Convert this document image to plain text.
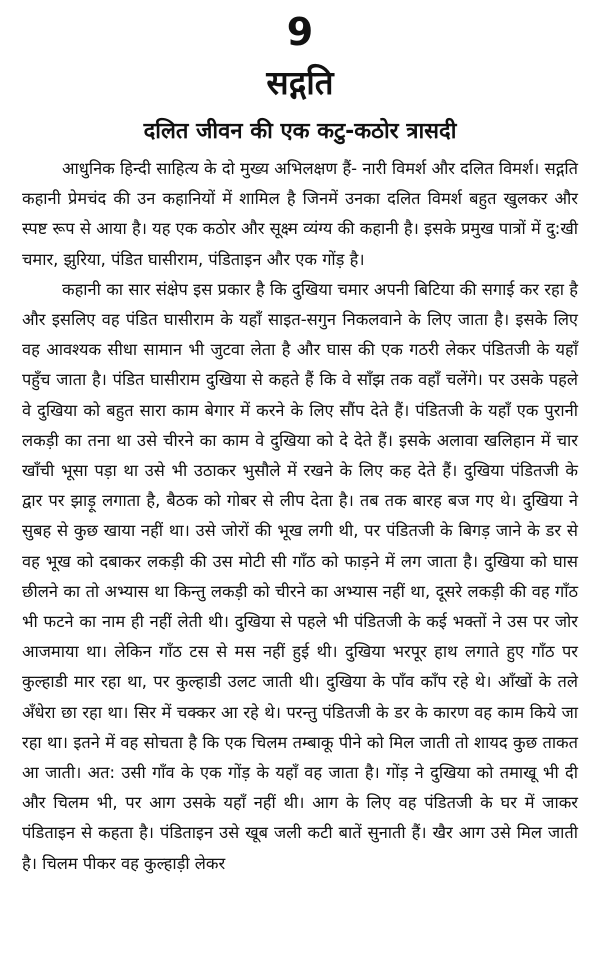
9
सद्गति
दलित जीवन की एक कटु-कठोर त्रासदी

आधुनिक हिन्दी साहित्य के दो मुख्य अभिलक्षण हैं- नारी विमर्श और दलित विमर्श। सद्गति कहानी प्रेमचंद की उन कहानियों में शामिल है जिनमें उनका दलित विमर्श बहुत खुलकर और स्पष्ट रूप से आया है। यह एक कठोर और सूक्ष्म व्यंग्य की कहानी है। इसके प्रमुख पात्रों में दु:खी चमार, झुरिया, पंडित घासीराम, पंडिताइन और एक गोंड़ है।

कहानी का सार संक्षेप इस प्रकार है कि दुखिया चमार अपनी बिटिया की सगाई कर रहा है और इसलिए वह पंडित घासीराम के यहाँ साइत-सगुन निकलवाने के लिए जाता है। इसके लिए वह आवश्यक सीधा सामान भी जुटवा लेता है और घास की एक गठरी लेकर पंडितजी के यहाँ पहुँच जाता है। पंडित घासीराम दुखिया से कहते हैं कि वे साँझ तक वहाँ चलेंगे। पर उसके पहले वे दुखिया को बहुत सारा काम बेगार में करने के लिए सौंप देते हैं। पंडितजी के यहाँ एक पुरानी लकड़ी का तना था उसे चीरने का काम वे दुखिया को दे देते हैं। इसके अलावा खलिहान में चार खाँची भूसा पड़ा था उसे भी उठाकर भुसौले में रखने के लिए कह देते हैं। दुखिया पंडितजी के द्वार पर झाड़ू लगाता है, बैठक को गोबर से लीप देता है। तब तक बारह बज गए थे। दुखिया ने सुबह से कुछ खाया नहीं था। उसे जोरों की भूख लगी थी, पर पंडितजी के बिगड़ जाने के डर से वह भूख को दबाकर लकड़ी की उस मोटी सी गाँठ को फाड़ने में लग जाता है। दुखिया को घास छीलने का तो अभ्यास था किन्तु लकड़ी को चीरने का अभ्यास नहीं था, दूसरे लकड़ी की वह गाँठ भी फटने का नाम ही नहीं लेती थी। दुखिया से पहले भी पंडितजी के कई भक्तों ने उस पर जोर आजमाया था। लेकिन गाँठ टस से मस नहीं हुई थी। दुखिया भरपूर हाथ लगाते हुए गाँठ पर कुल्हाडी मार रहा था, पर कुल्हाडी उलट जाती थी। दुखिया के पाँव काँप रहे थे। आँखों के तले अँधेरा छा रहा था। सिर में चक्कर आ रहे थे। परन्तु पंडितजी के डर के कारण वह काम किये जा रहा था। इतने में वह सोचता है कि एक चिलम तम्बाकू पीने को मिल जाती तो शायद कुछ ताकत आ जाती। अत: उसी गाँव के एक गोंड़ के यहाँ वह जाता है। गोंड़ ने दुखिया को तमाखू भी दी और चिलम भी, पर आग उसके यहाँ नहीं थी। आग के लिए वह पंडितजी के घर में जाकर पंडिताइन से कहता है। पंडिताइन उसे खूब जली कटी बातें सुनाती हैं। खैर आग उसे मिल जाती है। चिलम पीकर वह कुल्हाड़ी लेकर
